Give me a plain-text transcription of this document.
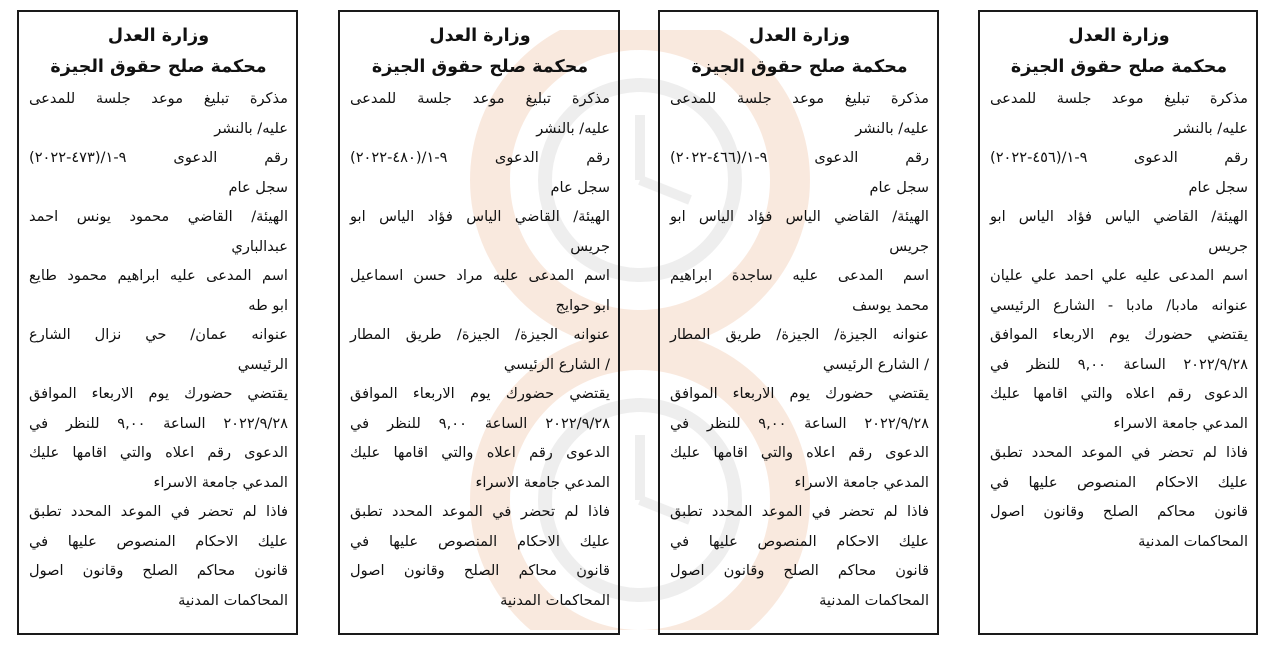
وزارة العدل
محكمة صلح حقوق الجيزة
مذكرة تبليغ موعد جلسة للمدعى
عليه/ بالنشر
رقم الدعوى ٩-١/(٤٥٦-٢٠٢٢)
سجل عام
الهيئة/ القاضي الياس فؤاد الياس ابو
جريس
اسم المدعى عليه علي احمد علي عليان
عنوانه مادبا/ مادبا - الشارع الرئيسي
يقتضي حضورك يوم الاربعاء الموافق
٢٠٢٢/٩/٢٨ الساعة ٩,٠٠ للنظر في
الدعوى رقم اعلاه والتي اقامها عليك
المدعي جامعة الاسراء
فاذا لم تحضر في الموعد المحدد تطبق
عليك الاحكام المنصوص عليها في
قانون محاكم الصلح وقانون اصول
المحاكمات المدنية
وزارة العدل
محكمة صلح حقوق الجيزة
مذكرة تبليغ موعد جلسة للمدعى
عليه/ بالنشر
رقم الدعوى ٩-١/(٤٦٦-٢٠٢٢)
سجل عام
الهيئة/ القاضي الياس فؤاد الياس ابو
جريس
اسم المدعى عليه ساجدة ابراهيم
محمد يوسف
عنوانه الجيزة/ الجيزة/ طريق المطار
/ الشارع الرئيسي
يقتضي حضورك يوم الاربعاء الموافق
٢٠٢٢/٩/٢٨ الساعة ٩,٠٠ للنظر في
الدعوى رقم اعلاه والتي اقامها عليك
المدعي جامعة الاسراء
فاذا لم تحضر في الموعد المحدد تطبق
عليك الاحكام المنصوص عليها في
قانون محاكم الصلح وقانون اصول
المحاكمات المدنية
وزارة العدل
محكمة صلح حقوق الجيزة
مذكرة تبليغ موعد جلسة للمدعى
عليه/ بالنشر
رقم الدعوى ٩-١/(٤٨٠-٢٠٢٢)
سجل عام
الهيئة/ القاضي الياس فؤاد الياس ابو
جريس
اسم المدعى عليه مراد حسن اسماعيل
ابو حوايج
عنوانه الجيزة/ الجيزة/ طريق المطار
/ الشارع الرئيسي
يقتضي حضورك يوم الاربعاء الموافق
٢٠٢٢/٩/٢٨ الساعة ٩,٠٠ للنظر في
الدعوى رقم اعلاه والتي اقامها عليك
المدعي جامعة الاسراء
فاذا لم تحضر في الموعد المحدد تطبق
عليك الاحكام المنصوص عليها في
قانون محاكم الصلح وقانون اصول
المحاكمات المدنية
وزارة العدل
محكمة صلح حقوق الجيزة
مذكرة تبليغ موعد جلسة للمدعى
عليه/ بالنشر
رقم الدعوى ٩-١/(٤٧٣-٢٠٢٢)
سجل عام
الهيئة/ القاضي محمود يونس احمد
عبدالباري
اسم المدعى عليه ابراهيم محمود طايع
ابو طه
عنوانه عمان/ حي نزال الشارع
الرئيسي
يقتضي حضورك يوم الاربعاء الموافق
٢٠٢٢/٩/٢٨ الساعة ٩,٠٠ للنظر في
الدعوى رقم اعلاه والتي اقامها عليك
المدعي جامعة الاسراء
فاذا لم تحضر في الموعد المحدد تطبق
عليك الاحكام المنصوص عليها في
قانون محاكم الصلح وقانون اصول
المحاكمات المدنية
